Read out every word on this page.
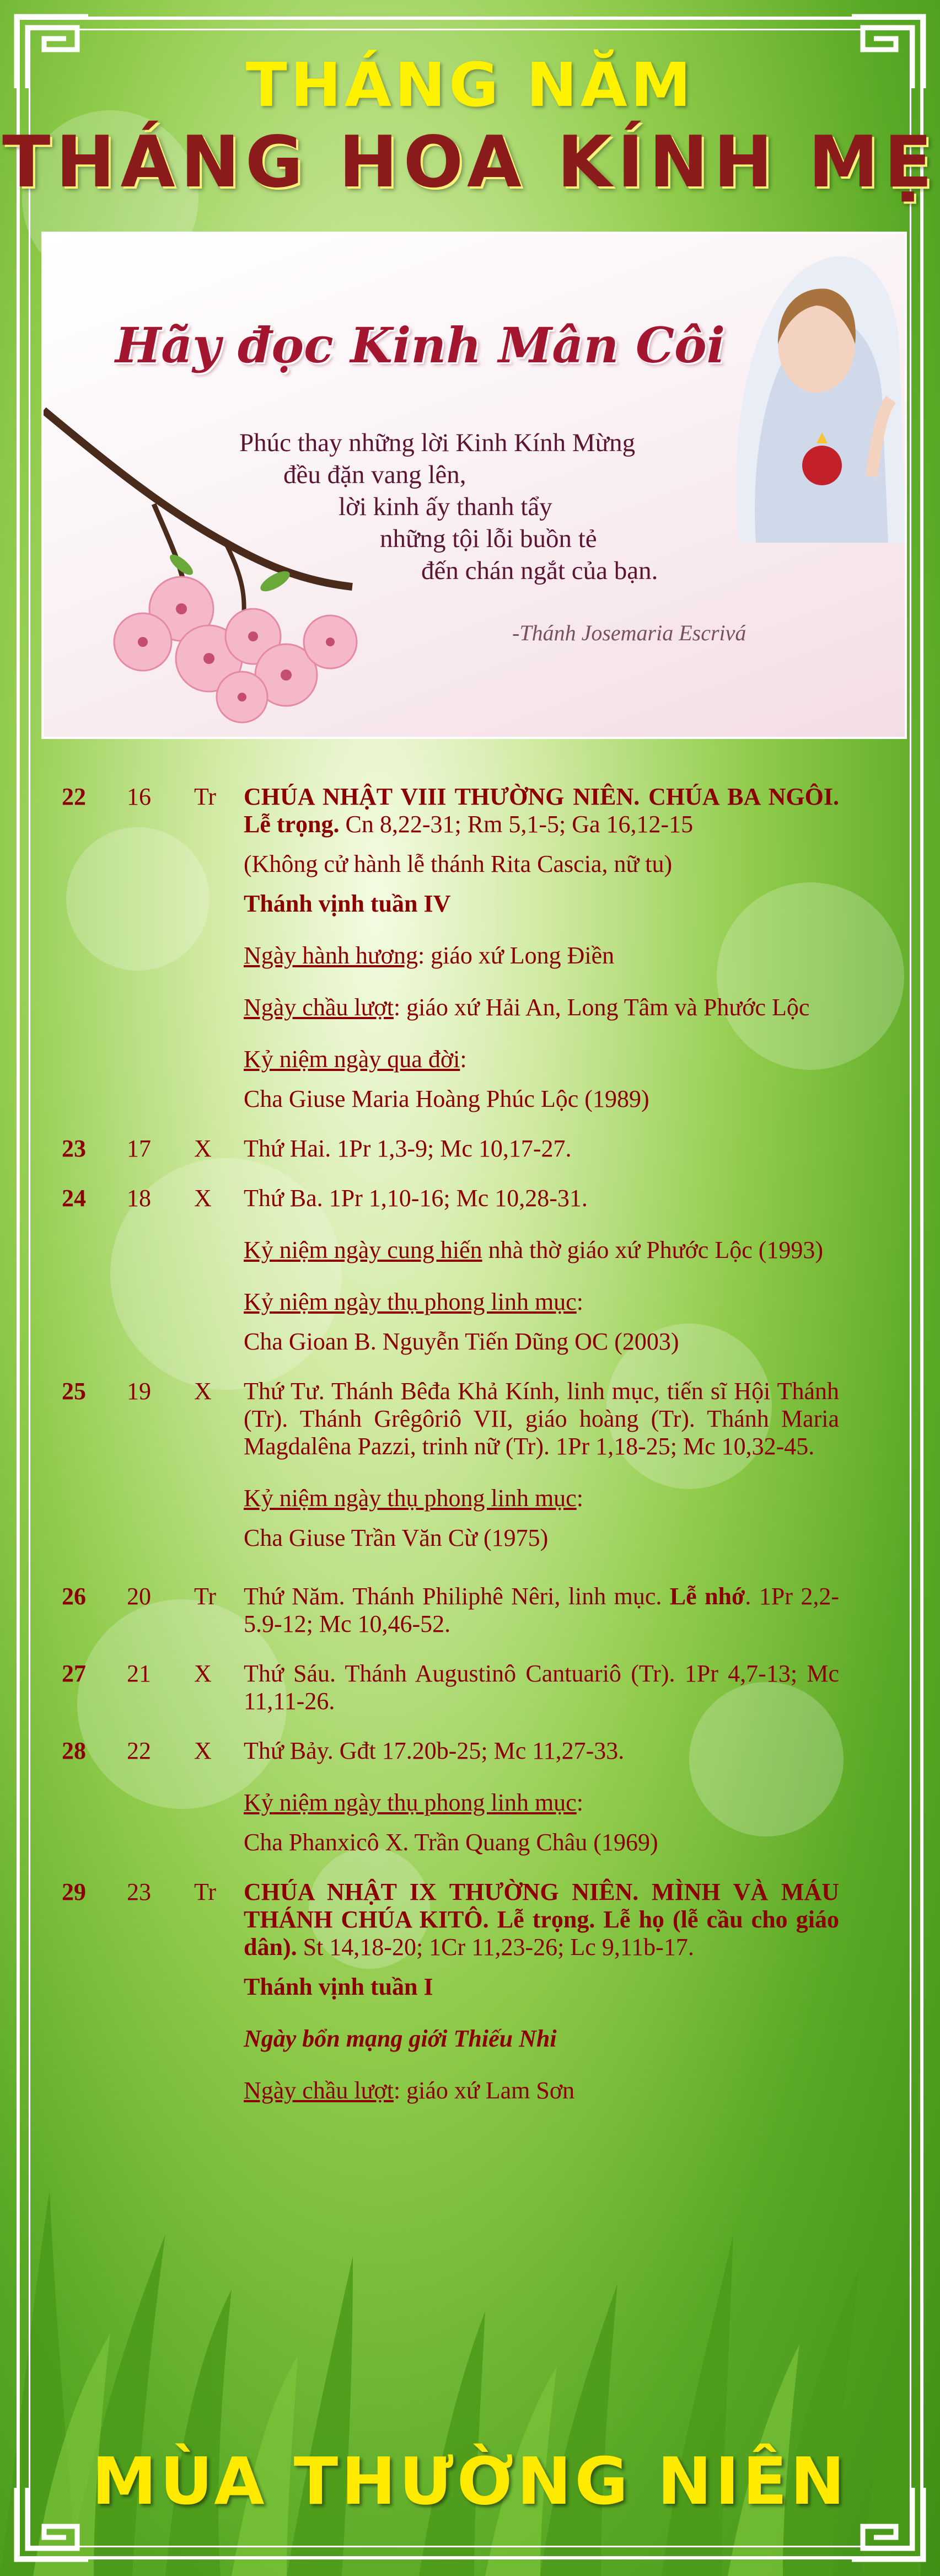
THÁNG NĂM
THÁNG HOA KÍNH MẸ
Hãy đọc Kinh Mân Côi
Phúc thay những lời Kinh Kính Mừng
đều đặn vang lên,
lời kinh ấy thanh tẩy
những tội lỗi buồn tẻ
đến chán ngắt của bạn.
-Thánh Josemaria Escrivá
22	16	Tr	CHÚA NHẬT VIII THƯỜNG NIÊN. CHÚA BA NGÔI. Lễ trọng. Cn 8,22-31; Rm 5,1-5; Ga 16,12-15

(Không cử hành lễ thánh Rita Cascia, nữ tu)

Thánh vịnh tuần IV

Ngày hành hương: giáo xứ Long Điền

Ngày chầu lượt: giáo xứ Hải An, Long Tâm và Phước Lộc

Kỷ niệm ngày qua đời:

Cha Giuse Maria Hoàng Phúc Lộc (1989)

23	17	X	Thứ Hai. 1Pr 1,3-9; Mc 10,17-27.

24	18	X	Thứ Ba. 1Pr 1,10-16; Mc 10,28-31.

Kỷ niệm ngày cung hiến nhà thờ giáo xứ Phước Lộc (1993)

Kỷ niệm ngày thụ phong linh mục:

Cha Gioan B. Nguyễn Tiến Dũng OC (2003)

25	19	X	Thứ Tư. Thánh Bêđa Khả Kính, linh mục, tiến sĩ Hội Thánh (Tr). Thánh Grêgôriô VII, giáo hoàng (Tr). Thánh Maria Magdalêna Pazzi, trinh nữ (Tr). 1Pr 1,18-25; Mc 10,32-45.

Kỷ niệm ngày thụ phong linh mục:

Cha Giuse Trần Văn Cừ (1975)

26	20	Tr	Thứ Năm. Thánh Philiphê Nêri, linh mục. Lễ nhớ. 1Pr 2,2-5.9-12; Mc 10,46-52.

27	21	X	Thứ Sáu. Thánh Augustinô Cantuariô (Tr). 1Pr 4,7-13; Mc 11,11-26.

28	22	X	Thứ Bảy. Gđt 17.20b-25; Mc 11,27-33.

Kỷ niệm ngày thụ phong linh mục:

Cha Phanxicô X. Trần Quang Châu (1969)

29	23	Tr	CHÚA NHẬT IX THƯỜNG NIÊN. MÌNH VÀ MÁU THÁNH CHÚA KITÔ. Lễ trọng. Lễ họ (lễ cầu cho giáo dân). St 14,18-20; 1Cr 11,23-26; Lc 9,11b-17.

Thánh vịnh tuần I

Ngày bổn mạng giới Thiếu Nhi

Ngày chầu lượt: giáo xứ Lam Sơn

MÙA THƯỜNG NIÊN
